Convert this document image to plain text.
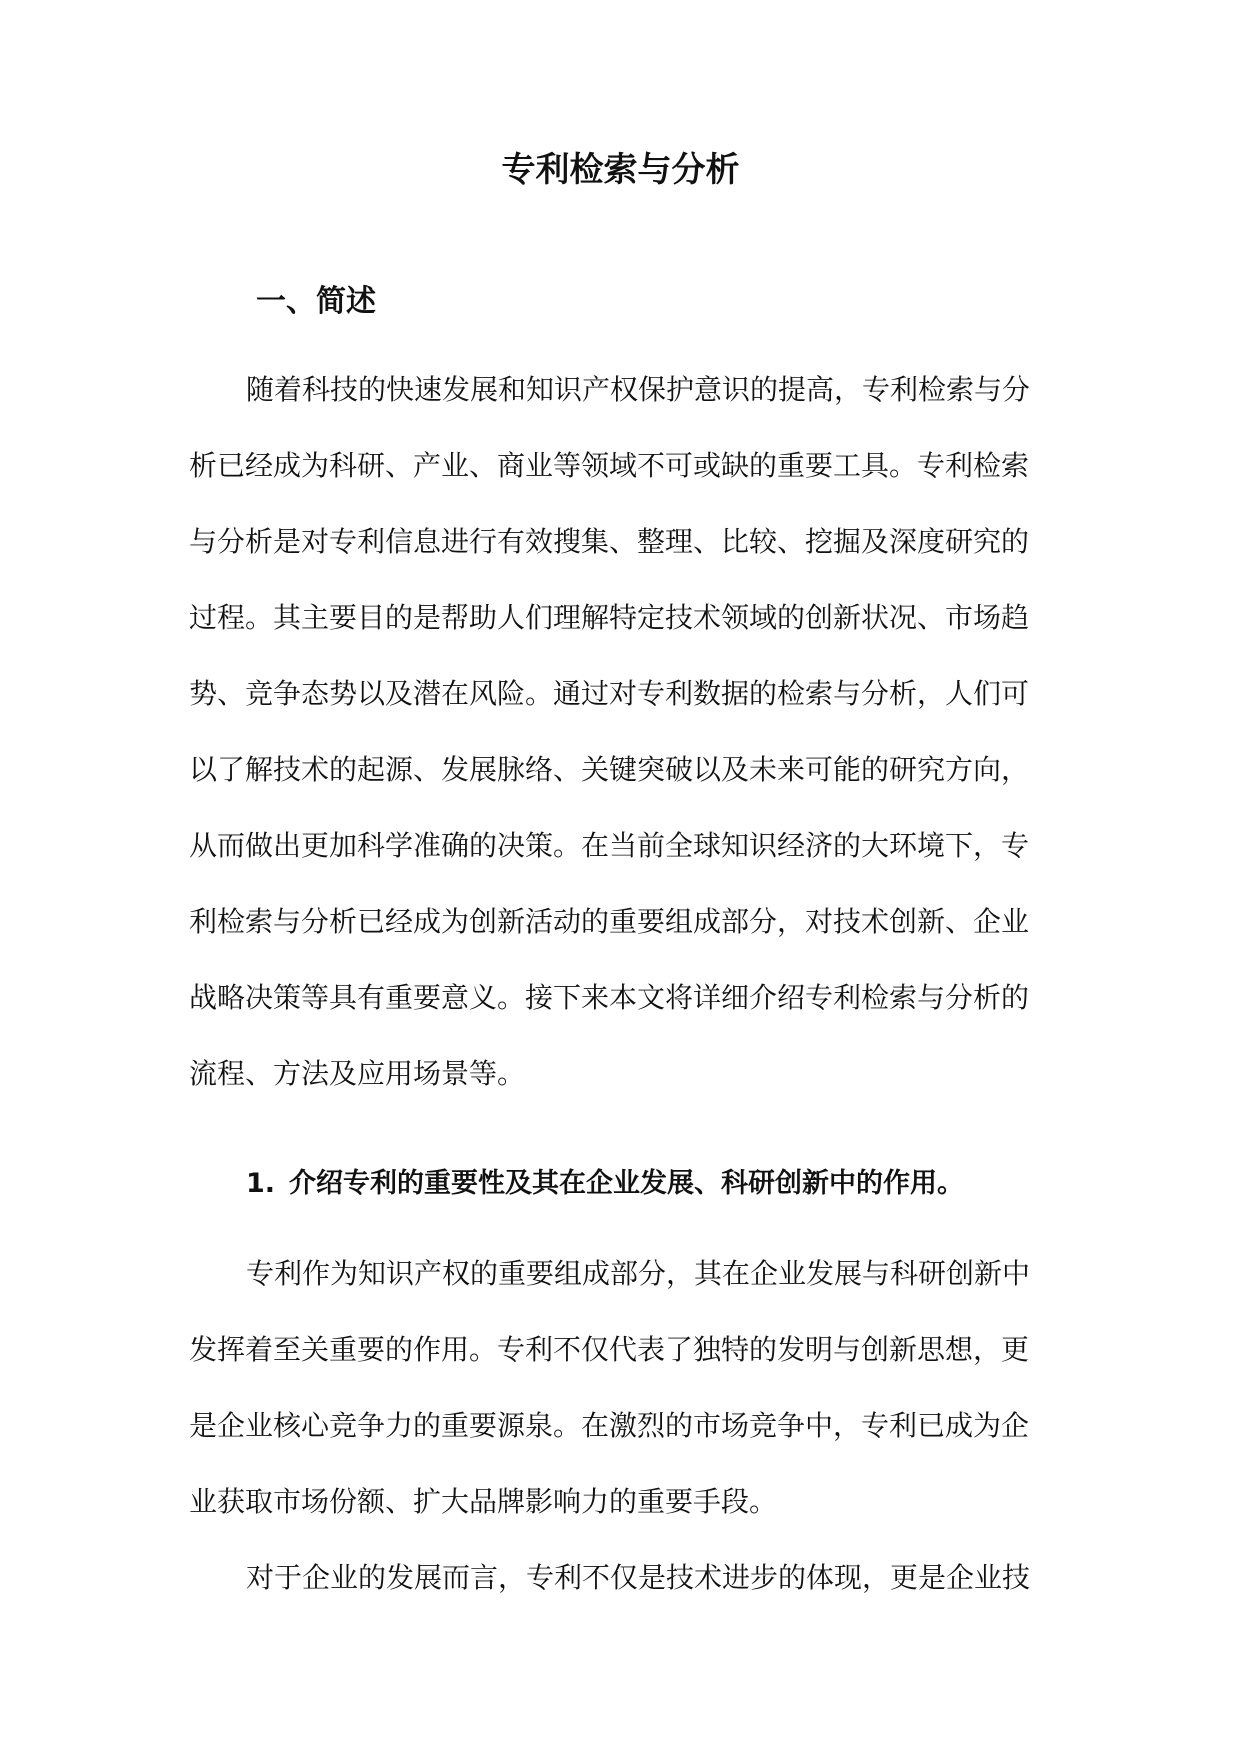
专利检索与分析
一、简述
随着科技的快速发展和知识产权保护意识的提高，专利检索与分
析已经成为科研、产业、商业等领域不可或缺的重要工具。专利检索
与分析是对专利信息进行有效搜集、整理、比较、挖掘及深度研究的
过程。其主要目的是帮助人们理解特定技术领域的创新状况、市场趋
势、竞争态势以及潜在风险。通过对专利数据的检索与分析，人们可
以了解技术的起源、发展脉络、关键突破以及未来可能的研究方向，
从而做出更加科学准确的决策。在当前全球知识经济的大环境下，专
利检索与分析已经成为创新活动的重要组成部分，对技术创新、企业
战略决策等具有重要意义。接下来本文将详细介绍专利检索与分析的
流程、方法及应用场景等。
1. 介绍专利的重要性及其在企业发展、科研创新中的作用。
专利作为知识产权的重要组成部分，其在企业发展与科研创新中
发挥着至关重要的作用。专利不仅代表了独特的发明与创新思想，更
是企业核心竞争力的重要源泉。在激烈的市场竞争中，专利已成为企
业获取市场份额、扩大品牌影响力的重要手段。
对于企业的发展而言，专利不仅是技术进步的体现，更是企业技
